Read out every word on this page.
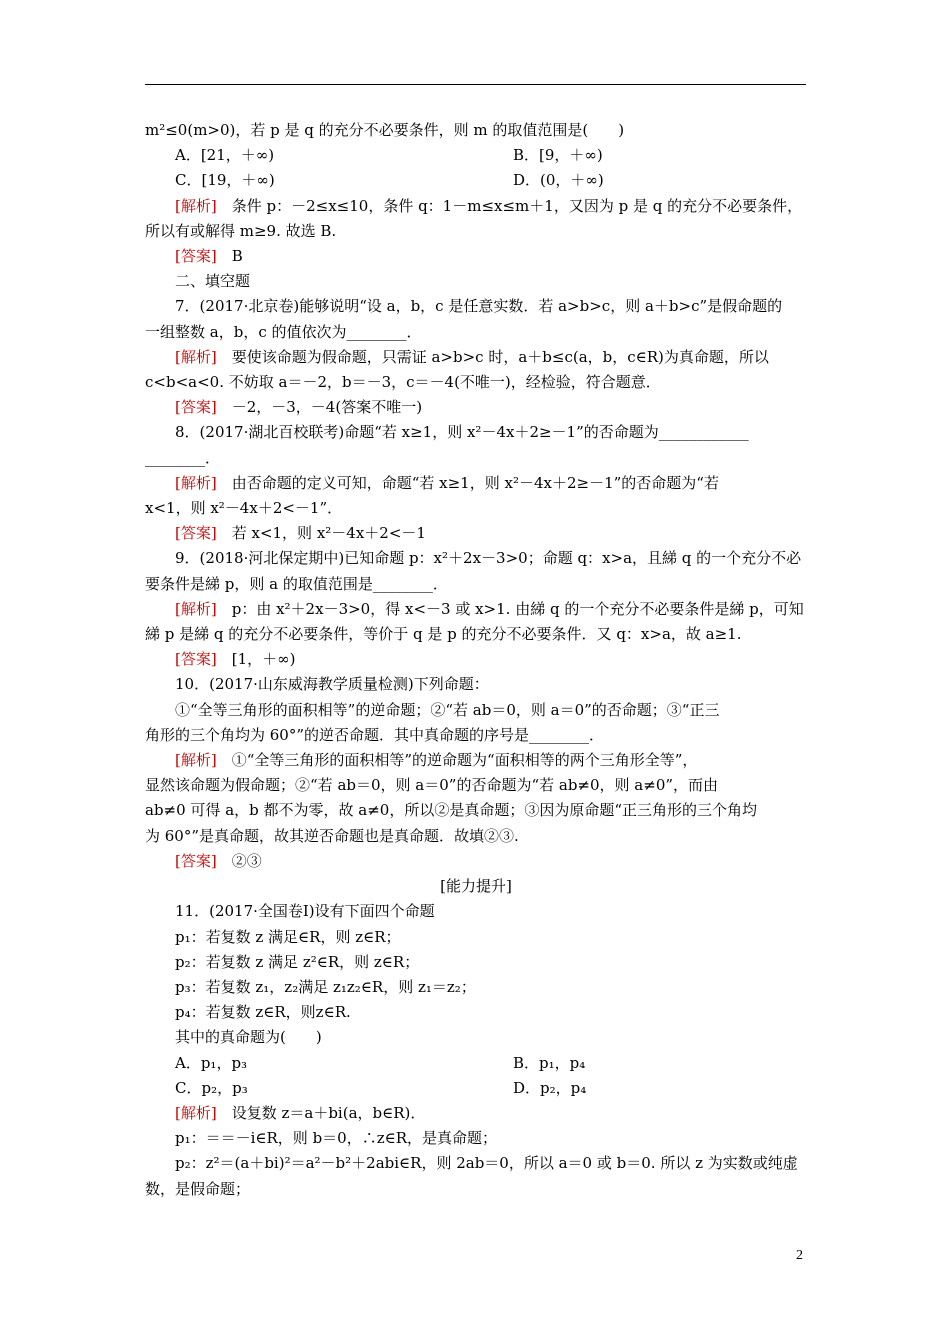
m²≤0(m>0)，若 p 是 q 的充分不必要条件，则 m 的取值范围是(　　)

A．[21，＋∞)	B．[9，＋∞)

C．[19，＋∞)	D．(0，＋∞)

[解析]　条件 p：－2≤x≤10，条件 q：1－m≤x≤m＋1，又因为 p 是 q 的充分不必要条件，

所以有或解得 m≥9. 故选 B.

[答案]　B

二、填空题

7．(2017·北京卷)能够说明“设 a，b，c 是任意实数．若 a>b>c，则 a＋b>c”是假命题的

一组整数 a，b，c 的值依次为________．

[解析]　要使该命题为假命题，只需证 a>b>c 时，a＋b≤c(a，b，c∈R)为真命题，所以

c<b<a<0. 不妨取 a＝－2，b＝－3，c＝－4(不唯一)，经检验，符合题意．

[答案]　－2，－3，－4(答案不唯一)

8．(2017·湖北百校联考)命题“若 x≥1，则 x²－4x＋2≥－1”的否命题为____________

________．

[解析]　由否命题的定义可知，命题“若 x≥1，则 x²－4x＋2≥－1”的否命题为“若

x<1，则 x²－4x＋2<－1”．

[答案]　若 x<1，则 x²－4x＋2<－1

9．(2018·河北保定期中)已知命题 p：x²＋2x－3>0；命题 q：x>a，且綈 q 的一个充分不必

要条件是綈 p，则 a 的取值范围是________．

[解析]　p：由 x²＋2x－3>0，得 x<－3 或 x>1. 由綈 q 的一个充分不必要条件是綈 p，可知

綈 p 是綈 q 的充分不必要条件，等价于 q 是 p 的充分不必要条件．又 q：x>a，故 a≥1.

[答案]　[1，＋∞)

10．(2017·山东威海教学质量检测)下列命题：

①“全等三角形的面积相等”的逆命题；②“若 ab＝0，则 a＝0”的否命题；③“正三

角形的三个角均为 60°”的逆否命题．其中真命题的序号是________．

[解析]　①“全等三角形的面积相等”的逆命题为“面积相等的两个三角形全等”，

显然该命题为假命题；②“若 ab＝0，则 a＝0”的否命题为“若 ab≠0，则 a≠0”，而由

ab≠0 可得 a，b 都不为零，故 a≠0，所以②是真命题；③因为原命题“正三角形的三个角均

为 60°”是真命题，故其逆否命题也是真命题．故填②③.

[答案]　②③

[能力提升]

11．(2017·全国卷Ⅰ)设有下面四个命题

p₁：若复数 z 满足∈R，则 z∈R；

p₂：若复数 z 满足 z²∈R，则 z∈R；

p₃：若复数 z₁，z₂满足 z₁z₂∈R，则 z₁＝z₂；

p₄：若复数 z∈R，则z∈R.

其中的真命题为(　　)

A．p₁，p₃	B．p₁，p₄

C．p₂，p₃	D．p₂，p₄

[解析]　设复数 z＝a＋bi(a，b∈R)．

p₁：＝＝－i∈R，则 b＝0，∴z∈R，是真命题；

p₂：z²＝(a＋bi)²＝a²－b²＋2abi∈R，则 2ab＝0，所以 a＝0 或 b＝0. 所以 z 为实数或纯虚

数，是假命题；

2
